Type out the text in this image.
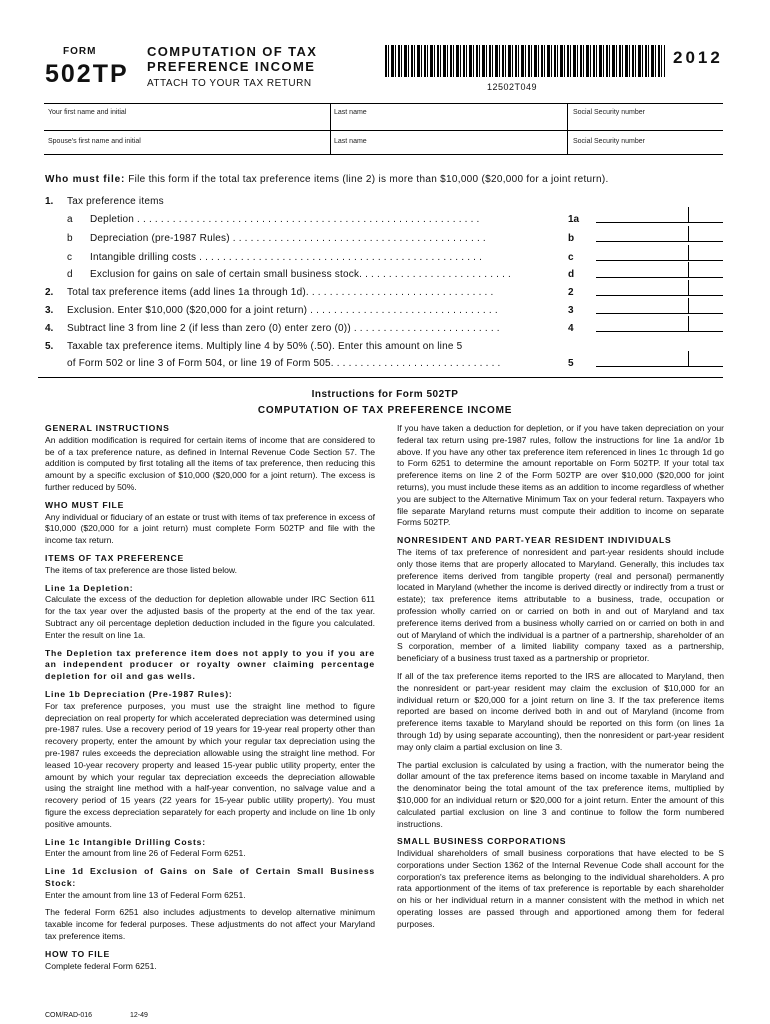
FORM
502TP
COMPUTATION OF TAX
PREFERENCE INCOME
ATTACH TO YOUR TAX RETURN	12502T049
2012
Your first name and initial	Last name	Social Security number
Spouse's first name and initial	Last name	Social Security number
Who must file: File this form if the total tax preference items (line 2) is more than $10,000 ($20,000 for a joint return).
1. Tax preference items
a Depletion . . . . . . . . . . . . . . . . . . . . . . . . . . . . . . . . . . . . . . . . . . . . . . . . . . . . . . . . . .	1a
b Depreciation (pre-1987 Rules) . . . . . . . . . . . . . . . . . . . . . . . . . . . . . . . . . . . . . . . . . . .	b
c Intangible drilling costs . . . . . . . . . . . . . . . . . . . . . . . . . . . . . . . . . . . . . . . . . . . . . . . .	c
d Exclusion for gains on sale of certain small business stock. . . . . . . . . . . . . . . . . . . . . . . . . .	d
2. Total tax preference items (add lines 1a through 1d). . . . . . . . . . . . . . . . . . . . . . . . . . . . . . . .	2
3. Exclusion. Enter $10,000 ($20,000 for a joint return) . . . . . . . . . . . . . . . . . . . . . . . . . . . . . . . .	3
4. Subtract line 3 from line 2 (if less than zero (0) enter zero (0)) . . . . . . . . . . . . . . . . . . . . . . . . .	4
5. Taxable tax preference items. Multiply line 4 by 50% (.50). Enter this amount on line 5
of Form 502 or line 3 of Form 504, or line 19 of Form 505. . . . . . . . . . . . . . . . . . . . . . . . . . . . .	5
Instructions for Form 502TP
COMPUTATION OF TAX PREFERENCE INCOME
GENERAL INSTRUCTIONS

An addition modification is required for certain items of income that are considered to be of a tax preference nature, as defined in Internal Revenue Code Section 57. The addition is computed by first totaling all the items of tax preference, then reducing this amount by a specific exclusion of $10,000 ($20,000 for a joint return). The excess is further reduced by 50%.

WHO MUST FILE

Any individual or fiduciary of an estate or trust with items of tax preference in excess of $10,000 ($20,000 for a joint return) must complete Form 502TP and file with the income tax return.

ITEMS OF TAX PREFERENCE

The items of tax preference are those listed below.

Line 1a Depletion:

Calculate the excess of the deduction for depletion allowable under IRC Section 611 for the tax year over the adjusted basis of the property at the end of the tax year. Subtract any oil percentage depletion deduction included in the figure you calculated. Enter the result on line 1a.

The Depletion tax preference item does not apply to you if you are an independent producer or royalty owner claiming percentage depletion for oil and gas wells.

Line 1b Depreciation (Pre-1987 Rules):

For tax preference purposes, you must use the straight line method to figure depreciation on real property for which accelerated depreciation was determined using pre-1987 rules. Use a recovery period of 19 years for 19-year real property other than recovery property, enter the amount by which your regular tax depreciation using the pre-1987 rules exceeds the depreciation allowable using the straight line method. For leased 10-year recovery property and leased 15-year public utility property, enter the amount by which your regular tax depreciation exceeds the depreciation allowable using the straight line method with a half-year convention, no salvage value and a recovery period of 15 years (22 years for 15-year public utility property). You must figure the excess depreciation separately for each property and include on line 1b only positive amounts.

Line 1c Intangible Drilling Costs:

Enter the amount from line 26 of Federal Form 6251.

Line 1d Exclusion of Gains on Sale of Certain Small Business Stock:

Enter the amount from line 13 of Federal Form 6251.

The federal Form 6251 also includes adjustments to develop alternative minimum taxable income for federal purposes. These adjustments do not affect your Maryland tax preference items.

HOW TO FILE

Complete federal Form 6251.

If you have taken a deduction for depletion, or if you have taken depreciation on your federal tax return using pre-1987 rules, follow the instructions for line 1a and/or 1b above. If you have any other tax preference item referenced in lines 1c through 1d go to Form 6251 to determine the amount reportable on Form 502TP. If your total tax preference items on line 2 of the Form 502TP are over $10,000 ($20,000 for joint returns), you must include these items as an addition to income regardless of whether you are subject to the Alternative Minimum Tax on your federal return. Taxpayers who file separate Maryland returns must compute their addition to income on separate Forms 502TP.

NONRESIDENT AND PART-YEAR RESIDENT INDIVIDUALS

The items of tax preference of nonresident and part-year residents should include only those items that are properly allocated to Maryland. Generally, this includes tax preference items derived from tangible property (real and personal) permanently located in Maryland (whether the income is derived directly or indirectly from a trust or estate); tax preference items attributable to a business, trade, occupation or profession wholly carried on or carried on both in and out of Maryland and tax preference items derived from a business wholly carried on or carried on both in and out of Maryland of which the individual is a partner of a partnership, shareholder of an S corporation, member of a limited liability company taxed as a partnership, beneficiary of a business trust taxed as a partnership or proprietor.

If all of the tax preference items reported to the IRS are allocated to Maryland, then the nonresident or part-year resident may claim the exclusion of $10,000 for an individual return or $20,000 for a joint return on line 3. If the tax preference items reported are based on income derived both in and out of Maryland (income from preference items taxable to Maryland should be reported on this form (on lines 1a through 1d) by using separate accounting), then the nonresident or part-year resident may only claim a partial exclusion on line 3.

The partial exclusion is calculated by using a fraction, with the numerator being the dollar amount of the tax preference items based on income taxable in Maryland and the denominator being the total amount of the tax preference items, multiplied by $10,000 for an individual return or $20,000 for a joint return. Enter the amount of this calculated partial exclusion on line 3 and continue to follow the form numbered instructions.

SMALL BUSINESS CORPORATIONS

Individual shareholders of small business corporations that have elected to be S corporations under Section 1362 of the Internal Revenue Code shall account for the corporation's tax preference items as belonging to the individual shareholders. A pro rata apportionment of the items of tax preference is reportable by each shareholder on his or her individual return in a manner consistent with the method in which net operating losses are passed through and apportioned among them for federal purposes.

COM/RAD-016	12-49
